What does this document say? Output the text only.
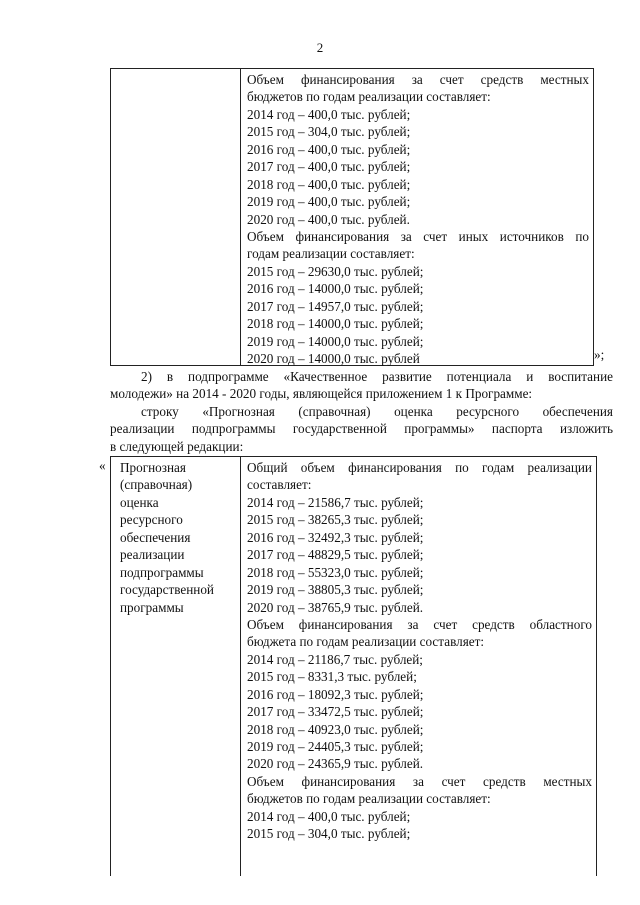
2
Объем финансирования за счет средств местных
бюджетов по годам реализации составляет:
2014 год – 400,0 тыс. рублей;
2015 год – 304,0 тыс. рублей;
2016 год – 400,0 тыс. рублей;
2017 год – 400,0 тыс. рублей;
2018 год – 400,0 тыс. рублей;
2019 год – 400,0 тыс. рублей;
2020 год – 400,0 тыс. рублей.
Объем финансирования за счет иных источников по
годам реализации составляет:
2015 год – 29630,0 тыс. рублей;
2016 год – 14000,0 тыс. рублей;
2017 год – 14957,0 тыс. рублей;
2018 год – 14000,0 тыс. рублей;
2019 год – 14000,0 тыс. рублей;
2020 год – 14000,0 тыс. рублей	»;
2) в подпрограмме «Качественное развитие потенциала и воспитание
молодежи» на 2014 - 2020 годы, являющейся приложением 1 к Программе:
строку «Прогнозная (справочная) оценка ресурсного обеспечения
реализации подпрограммы государственной программы» паспорта изложить
в следующей редакции:
« Прогнозная
(справочная)
оценка
ресурсного
обеспечения
реализации
подпрограммы
государственной
программы
Общий объем финансирования по годам реализации
составляет:
2014 год – 21586,7 тыс. рублей;
2015 год – 38265,3 тыс. рублей;
2016 год – 32492,3 тыс. рублей;
2017 год – 48829,5 тыс. рублей;
2018 год – 55323,0 тыс. рублей;
2019 год – 38805,3 тыс. рублей;
2020 год – 38765,9 тыс. рублей.
Объем финансирования за счет средств областного
бюджета по годам реализации составляет:
2014 год – 21186,7 тыс. рублей;
2015 год – 8331,3 тыс. рублей;
2016 год – 18092,3 тыс. рублей;
2017 год – 33472,5 тыс. рублей;
2018 год – 40923,0 тыс. рублей;
2019 год – 24405,3 тыс. рублей;
2020 год – 24365,9 тыс. рублей.
Объем финансирования за счет средств местных
бюджетов по годам реализации составляет:
2014 год – 400,0 тыс. рублей;
2015 год – 304,0 тыс. рублей;
